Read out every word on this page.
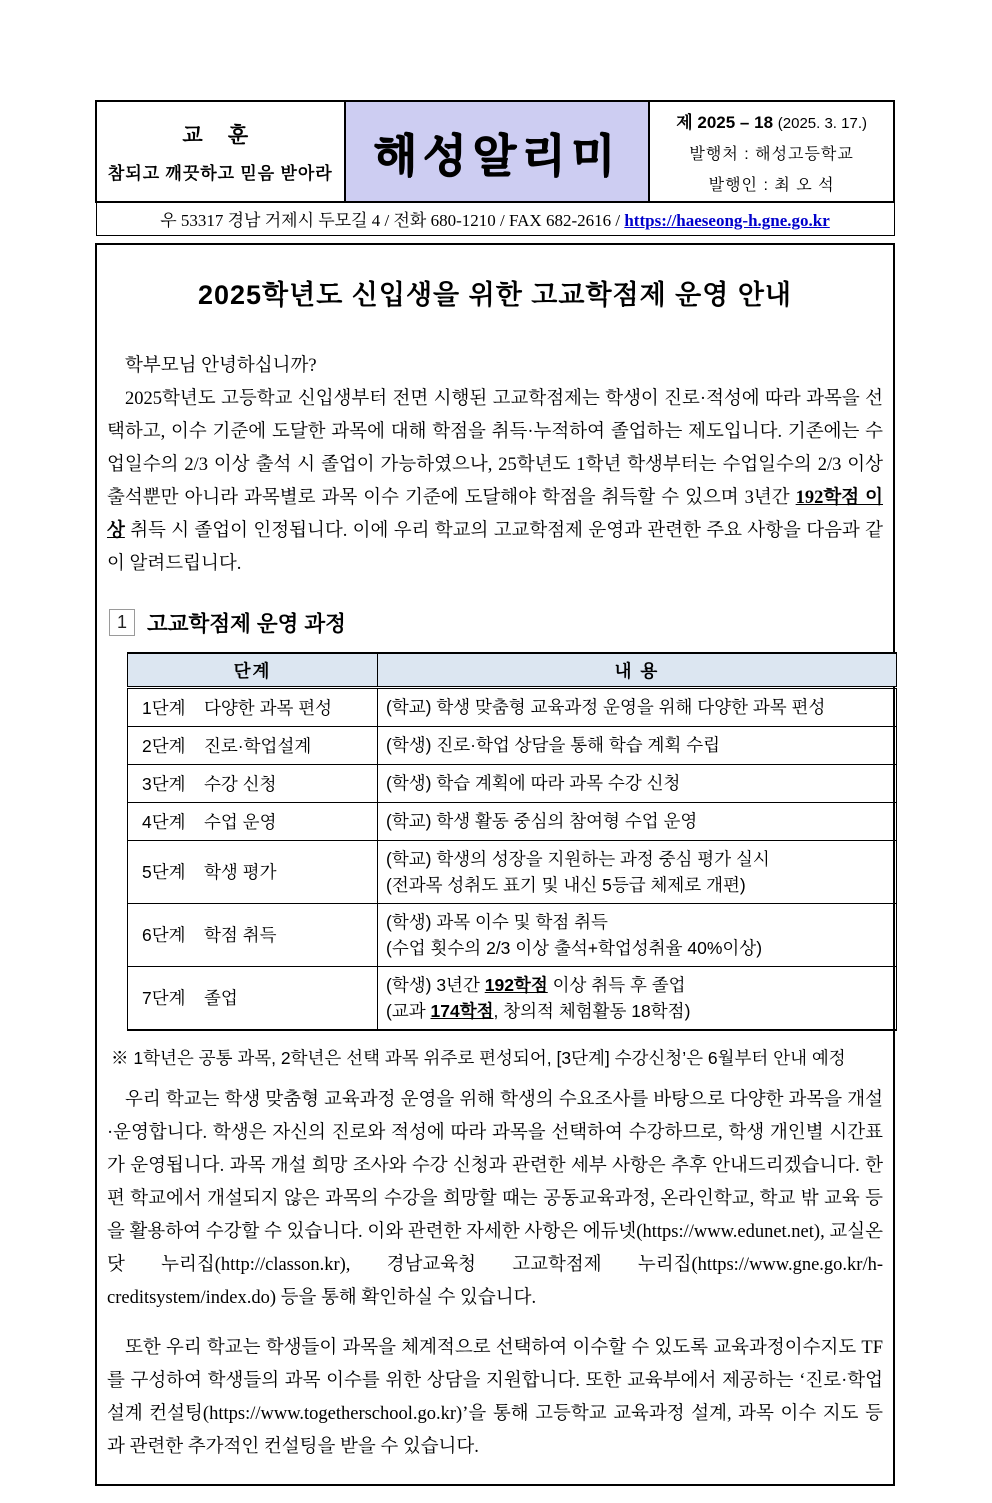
교 훈
참되고 깨끗하고 믿음 받아라	해성알리미

제 2025 – 18 (2025. 3. 17.)
발행처 : 해성고등학교
발행인 : 최 오 석

우 53317 경남 거제시 두모길 4 / 전화 680-1210 / FAX 682-2616 / https://haeseong-h.gne.go.kr
2025학년도 신입생을 위한 고교학점제 운영 안내

학부모님 안녕하십니까?

2025학년도 고등학교 신입생부터 전면 시행된 고교학점제는 학생이 진로·적성에 따라 과목을 선택하고, 이수 기준에 도달한 과목에 대해 학점을 취득·누적하여 졸업하는 제도입니다. 기존에는 수업일수의 2/3 이상 출석 시 졸업이 가능하였으나, 25학년도 1학년 학생부터는 수업일수의 2/3 이상 출석뿐만 아니라 과목별로 과목 이수 기준에 도달해야 학점을 취득할 수 있으며 3년간 192학점 이상 취득 시 졸업이 인정됩니다. 이에 우리 학교의 고교학점제 운영과 관련한 주요 사항을 다음과 같이 알려드립니다.

1 고교학점제 운영 과정
단계	내 용
1단계 다양한 과목 편성	(학교) 학생 맞춤형 교육과정 운영을 위해 다양한 과목 편성

2단계 진로·학업설계	(학생) 진로·학업 상담을 통해 학습 계획 수립

3단계 수강 신청	(학생) 학습 계획에 따라 과목 수강 신청

4단계 수업 운영	(학교) 학생 활동 중심의 참여형 수업 운영

5단계 학생 평가	(학교) 학생의 성장을 지원하는 과정 중심 평가 실시
(전과목 성취도 표기 및 내신 5등급 체제로 개편)

6단계 학점 취득	(학생) 과목 이수 및 학점 취득
(수업 횟수의 2/3 이상 출석+학업성취율 40%이상)

7단계 졸업	(학생) 3년간 192학점 이상 취득 후 졸업
(교과 174학점, 창의적 체험활동 18학점)
※ 1학년은 공통 과목, 2학년은 선택 과목 위주로 편성되어, [3단계] 수강신청’은 6월부터 안내 예정

우리 학교는 학생 맞춤형 교육과정 운영을 위해 학생의 수요조사를 바탕으로 다양한 과목을 개설·운영합니다. 학생은 자신의 진로와 적성에 따라 과목을 선택하여 수강하므로, 학생 개인별 시간표가 운영됩니다. 과목 개설 희망 조사와 수강 신청과 관련한 세부 사항은 추후 안내드리겠습니다. 한편 학교에서 개설되지 않은 과목의 수강을 희망할 때는 공동교육과정, 온라인학교, 학교 밖 교육 등을 활용하여 수강할 수 있습니다. 이와 관련한 자세한 사항은 에듀넷(https://www.edunet.net), 교실온닷 누리집(http://classon.kr), 경남교육청 고교학점제 누리집(https://www.gne.go.kr/h-creditsystem/index.do) 등을 통해 확인하실 수 있습니다.

또한 우리 학교는 학생들이 과목을 체계적으로 선택하여 이수할 수 있도록 교육과정이수지도 TF를 구성하여 학생들의 과목 이수를 위한 상담을 지원합니다. 또한 교육부에서 제공하는 ‘진로·학업 설계 컨설팅(https://www.togetherschool.go.kr)’을 통해 고등학교 교육과정 설계, 과목 이수 지도 등과 관련한 추가적인 컨설팅을 받을 수 있습니다.
